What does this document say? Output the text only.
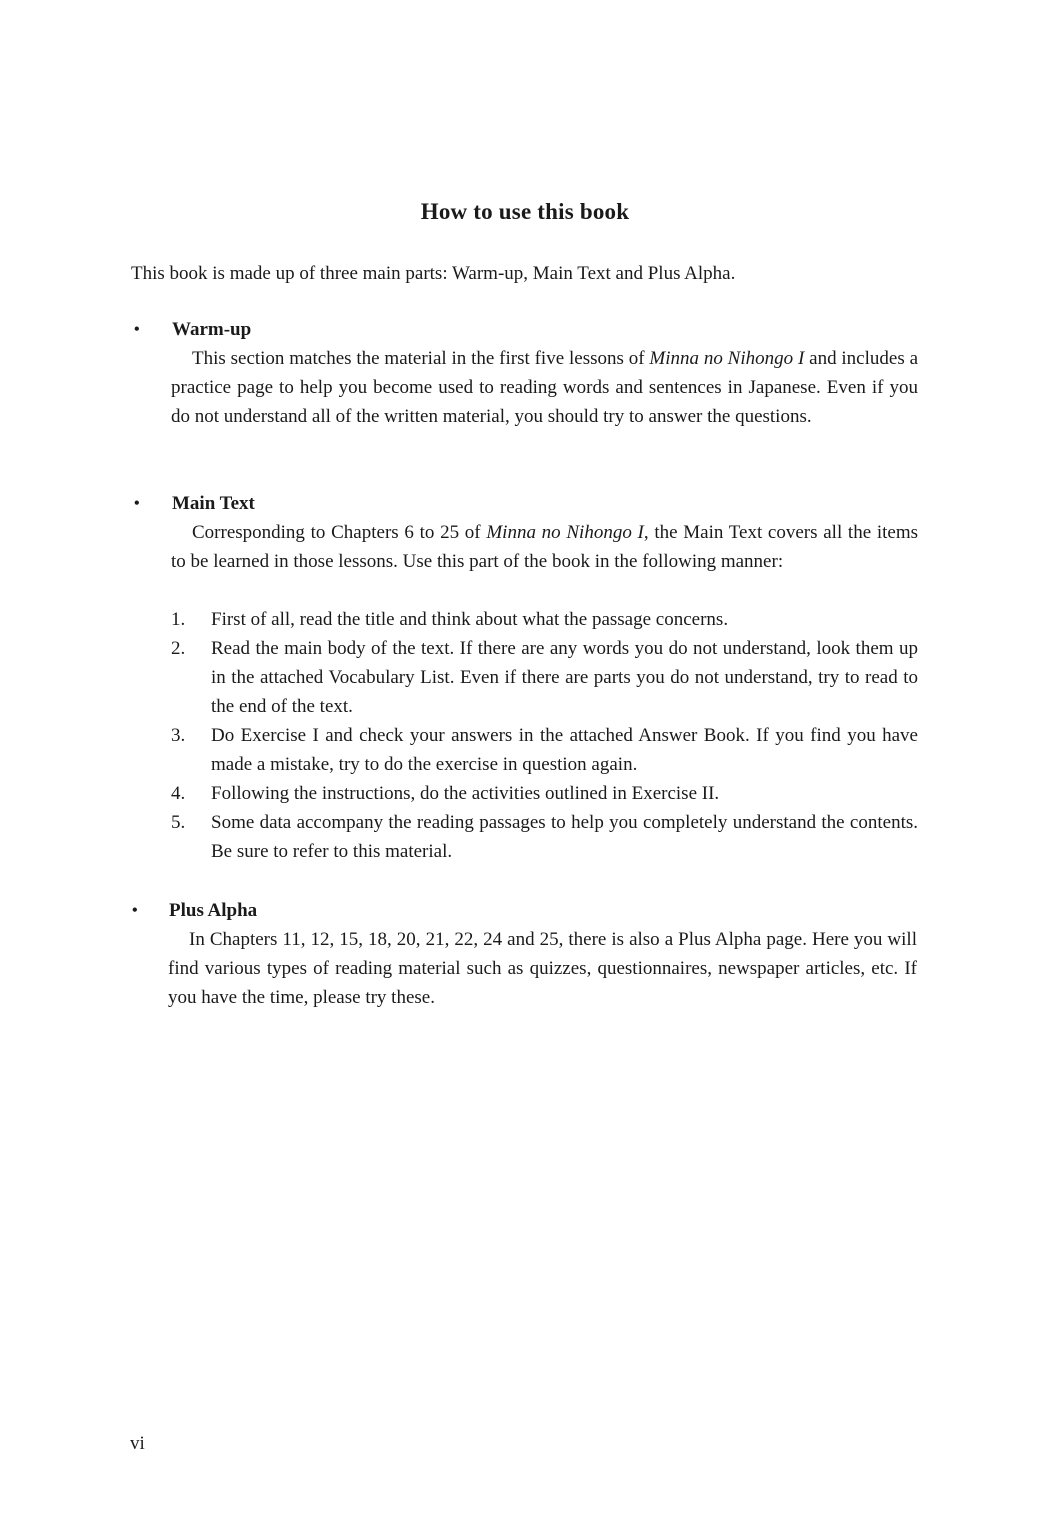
How to use this book
This book is made up of three main parts: Warm-up, Main Text and Plus Alpha.
• Warm-up
This section matches the material in the first five lessons of Minna no Nihongo I and includes a practice page to help you become used to reading words and sentences in Japanese. Even if you do not understand all of the written material, you should try to answer the questions.
• Main Text
Corresponding to Chapters 6 to 25 of Minna no Nihongo I, the Main Text covers all the items to be learned in those lessons. Use this part of the book in the following manner:
1. First of all, read the title and think about what the passage concerns.
2. Read the main body of the text. If there are any words you do not understand, look them up in the attached Vocabulary List. Even if there are parts you do not understand, try to read to the end of the text.
3. Do Exercise I and check your answers in the attached Answer Book. If you find you have made a mistake, try to do the exercise in question again.
4. Following the instructions, do the activities outlined in Exercise II.
5. Some data accompany the reading passages to help you completely understand the contents. Be sure to refer to this material.
• Plus Alpha
In Chapters 11, 12, 15, 18, 20, 21, 22, 24 and 25, there is also a Plus Alpha page. Here you will find various types of reading material such as quizzes, questionnaires, newspaper articles, etc. If you have the time, please try these.
vi
